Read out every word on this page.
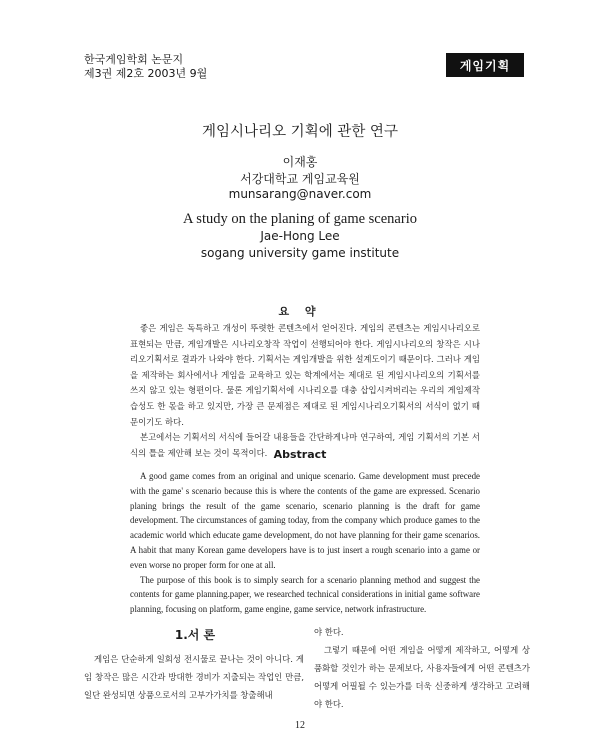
한국게임학회 논문지
제3권 제2호 2003년 9월
게임기획
게임시나리오 기획에 관한 연구
이재홍
서강대학교 게임교육원
munsarang@naver.com
A study on the planing of game scenario
Jae-Hong Lee
sogang university game institute
요 약

좋은 게임은 독특하고 개성이 뚜렷한 콘텐츠에서 얻어진다. 게임의 콘텐츠는 게임시나리오로 표현되는 만큼, 게임개발은 시나리오창작 작업이 선행되어야 한다. 게임시나리오의 창작은 시나리오기획서로 결과가 나와야 한다. 기획서는 게임개발을 위한 설계도이기 때문이다. 그러나 게임을 제작하는 회사에서나 게임을 교육하고 있는 학계에서는 제대로 된 게임시나리오의 기획서를 쓰지 않고 있는 형편이다. 물론 게임기획서에 시나리오를 대충 삽입시켜버리는 우리의 게임제작 습성도 한 몫을 하고 있지만, 가장 큰 문제점은 제대로 된 게임시나리오기획서의 서식이 없기 때문이기도 하다.

본고에서는 기획서의 서식에 들어갈 내용들을 간단하게나마 연구하여, 게임 기획서의 기본 서식의 틀을 제안해 보는 것이 목적이다. Abstract

A good game comes from an original and unique scenario. Game development must precede with the game' s scenario because this is where the contents of the game are expressed. Scenario planing brings the result of the game scenario, scenario planning is the draft for game development. The circumstances of gaming today, from the company which produce games to the academic world which educate game development, do not have planning for their game scenarios. A habit that many Korean game developers have is to just insert a rough scenario into a game or even worse no proper form for one at all.

The purpose of this book is to simply search for a scenario planning method and suggest the contents for game planning.paper, we researched technical considerations in initial game software planning, focusing on platform, game engine, game service, network infrastructure.

1.서 론

게임은 단순하게 일회성 전시물로 끝나는 것이 아니다. 게임 창작은 많은 시간과 방대한 경비가 지출되는 작업인 만큼, 일단 완성되면 상품으로서의 고부가가치를 창출해내

야 한다.

그렇기 때문에 어떤 게임을 어떻게 제작하고, 어떻게 상품화할 것인가 하는 문제보다, 사용자들에게 어떤 콘텐츠가 어떻게 어필될 수 있는가를 더욱 신중하게 생각하고 고려해야 한다.

12
